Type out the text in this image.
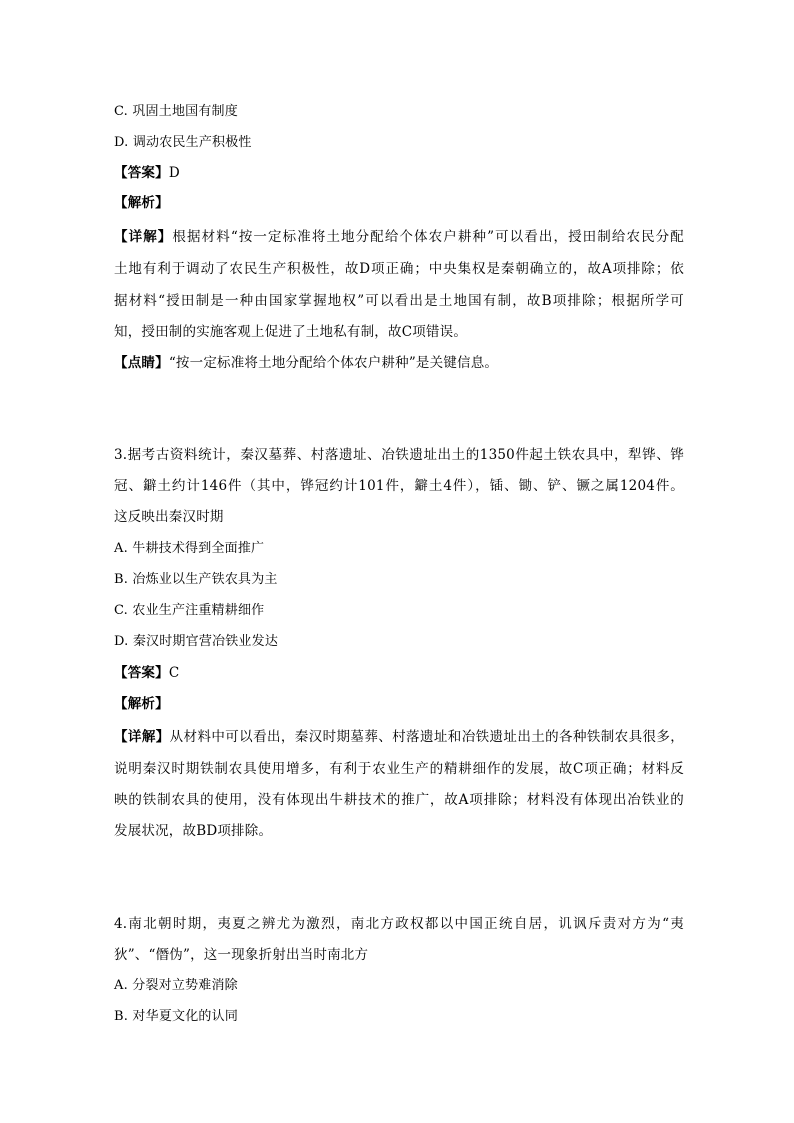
C. 巩固土地国有制度
D. 调动农民生产积极性
【答案】D
【解析】
【详解】根据材料“按一定标准将土地分配给个体农户耕种”可以看出，授田制给农民分配
土地有利于调动了农民生产积极性，故D项正确；中央集权是秦朝确立的，故A项排除；依
据材料“授田制是一种由国家掌握地权”可以看出是土地国有制，故B项排除；根据所学可
知，授田制的实施客观上促进了土地私有制，故C项错误。
【点睛】“按一定标准将土地分配给个体农户耕种”是关键信息。
3.据考古资料统计，秦汉墓葬、村落遗址、冶铁遗址出土的1350件起土铁农具中，犁铧、铧
冠、鐴土约计146件（其中，铧冠约计101件，鐴土4件），锸、锄、铲、镢之属1204件。
这反映出秦汉时期
A. 牛耕技术得到全面推广
B. 冶炼业以生产铁农具为主
C. 农业生产注重精耕细作
D. 秦汉时期官营冶铁业发达
【答案】C
【解析】
【详解】从材料中可以看出，秦汉时期墓葬、村落遗址和冶铁遗址出土的各种铁制农具很多，
说明秦汉时期铁制农具使用增多，有利于农业生产的精耕细作的发展，故C项正确；材料反
映的铁制农具的使用，没有体现出牛耕技术的推广，故A项排除；材料没有体现出冶铁业的
发展状况，故BD项排除。
4.南北朝时期，夷夏之辨尤为激烈，南北方政权都以中国正统自居，讥讽斥责对方为“夷
狄”、“僭伪”，这一现象折射出当时南北方
A. 分裂对立势难消除
B. 对华夏文化的认同
